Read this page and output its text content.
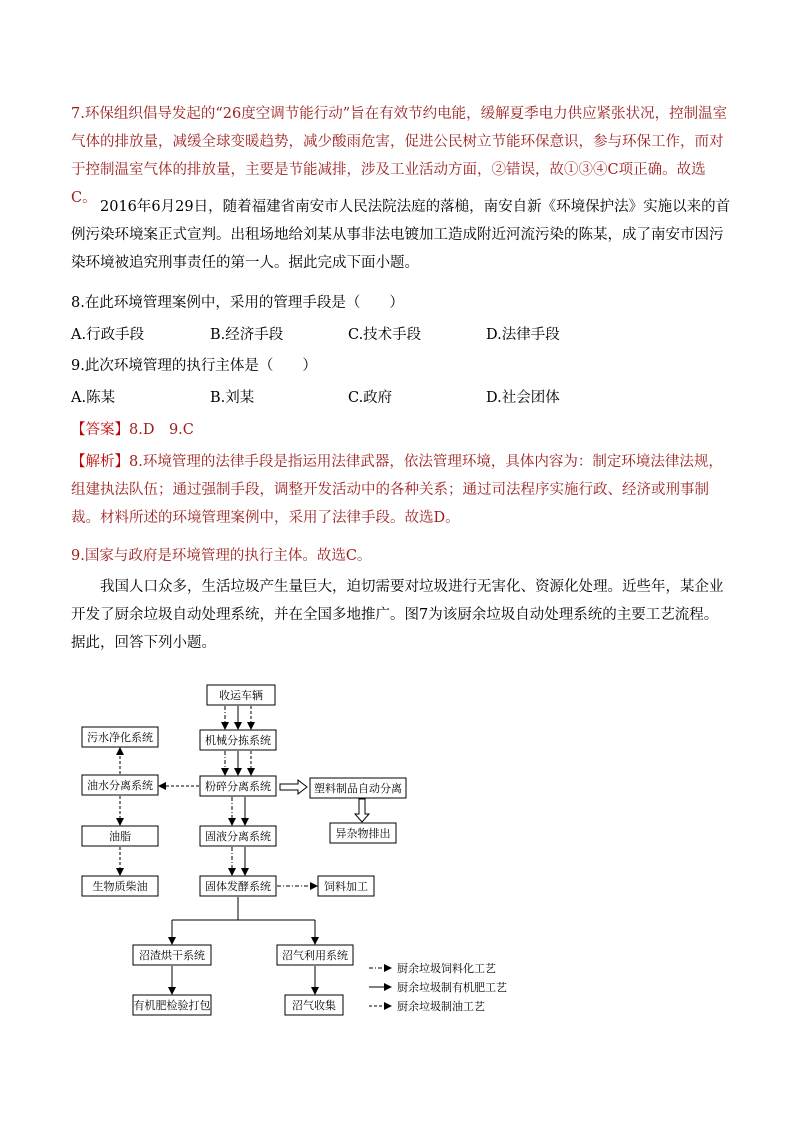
7.环保组织倡导发起的“26度空调节能行动”旨在有效节约电能，缓解夏季电力供应紧张状况，控制温室气体的排放量，减缓全球变暖趋势，减少酸雨危害，促进公民树立节能环保意识，参与环保工作，而对于控制温室气体的排放量，主要是节能减排，涉及工业活动方面，②错误，故①③④C项正确。故选C。
2016年6月29日，随着福建省南安市人民法院法庭的落槌，南安自新《环境保护法》实施以来的首例污染环境案正式宣判。出租场地给刘某从事非法电镀加工造成附近河流污染的陈某，成了南安市因污染环境被追究刑事责任的第一人。据此完成下面小题。
8.在此环境管理案例中，采用的管理手段是（　　）
A.行政手段	B.经济手段	C.技术手段	D.法律手段
9.此次环境管理的执行主体是（　　）
A.陈某	B.刘某	C.政府	D.社会团体
【答案】8.D　9.C
【解析】8.环境管理的法律手段是指运用法律武器，依法管理环境，具体内容为：制定环境法律法规，组建执法队伍；通过强制手段，调整开发活动中的各种关系；通过司法程序实施行政、经济或刑事制裁。材料所述的环境管理案例中，采用了法律手段。故选D。
9.国家与政府是环境管理的执行主体。故选C。
我国人口众多，生活垃圾产生量巨大，迫切需要对垃圾进行无害化、资源化处理。近些年，某企业开发了厨余垃圾自动处理系统，并在全国多地推广。图7为该厨余垃圾自动处理系统的主要工艺流程。据此，回答下列小题。
收运车辆
机械分拣系统
粉碎分离系统
固液分离系统
固体发酵系统
污水净化系统
油水分离系统
油脂
生物质柴油
塑料制品自动分离
异杂物排出
饲料加工
沼渣烘干系统	沼气利用系统
有机肥检验打包	沼气收集
厨余垃圾饲料化工艺
厨余垃圾制有机肥工艺
厨余垃圾制油工艺
